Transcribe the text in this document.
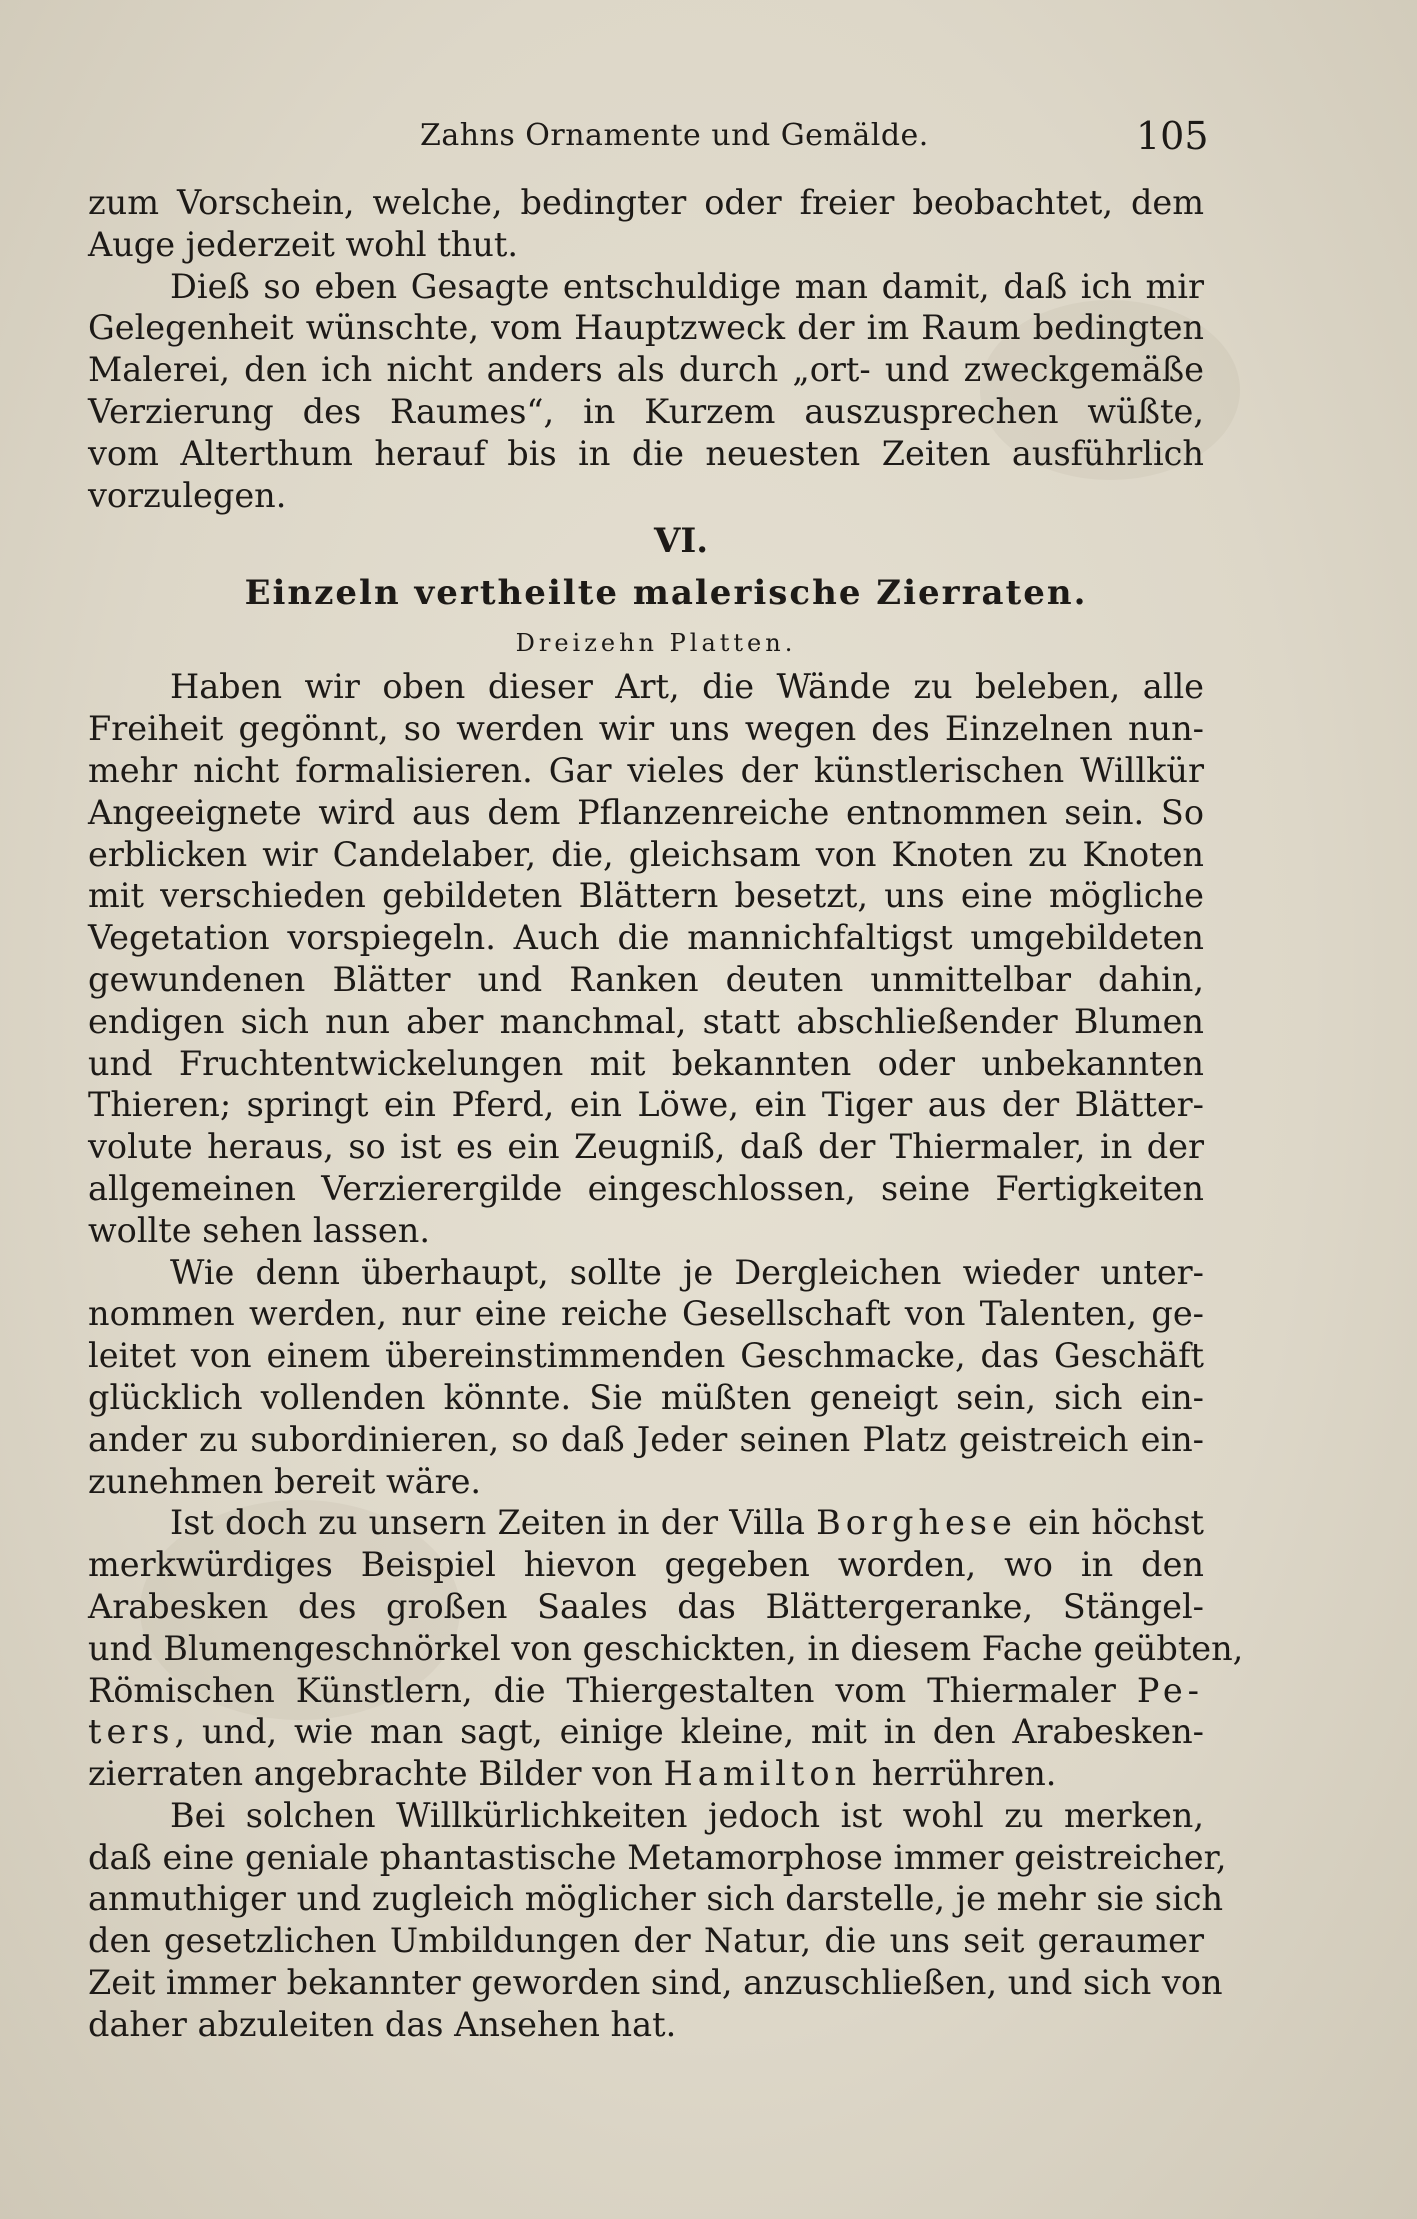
Zahns Ornamente und Gemälde.	105
zum Vorschein, welche, bedingter oder freier beobachtet, dem
Auge jederzeit wohl thut.
Dieß so eben Gesagte entschuldige man damit, daß ich mir
Gelegenheit wünschte, vom Hauptzweck der im Raum bedingten
Malerei, den ich nicht anders als durch „ort- und zweckgemäße
Verzierung des Raumes“, in Kurzem auszusprechen wüßte,
vom Alterthum herauf bis in die neuesten Zeiten ausführlich
vorzulegen.
VI.
Einzeln vertheilte malerische Zierraten.
Dreizehn Platten.
Haben wir oben dieser Art, die Wände zu beleben, alle
Freiheit gegönnt, so werden wir uns wegen des Einzelnen nun-
mehr nicht formalisieren. Gar vieles der künstlerischen Willkür
Angeeignete wird aus dem Pflanzenreiche entnommen sein. So
erblicken wir Candelaber, die, gleichsam von Knoten zu Knoten
mit verschieden gebildeten Blättern besetzt, uns eine mögliche
Vegetation vorspiegeln. Auch die mannichfaltigst umgebildeten
gewundenen Blätter und Ranken deuten unmittelbar dahin,
endigen sich nun aber manchmal, statt abschließender Blumen
und Fruchtentwickelungen mit bekannten oder unbekannten
Thieren; springt ein Pferd, ein Löwe, ein Tiger aus der Blätter-
volute heraus, so ist es ein Zeugniß, daß der Thiermaler, in der
allgemeinen Verzierergilde eingeschlossen, seine Fertigkeiten
wollte sehen lassen.
Wie denn überhaupt, sollte je Dergleichen wieder unter-
nommen werden, nur eine reiche Gesellschaft von Talenten, ge-
leitet von einem übereinstimmenden Geschmacke, das Geschäft
glücklich vollenden könnte. Sie müßten geneigt sein, sich ein-
ander zu subordinieren, so daß Jeder seinen Platz geistreich ein-
zunehmen bereit wäre.
Ist doch zu unsern Zeiten in der Villa Borghese ein höchst
merkwürdiges Beispiel hievon gegeben worden, wo in den
Arabesken des großen Saales das Blättergeranke, Stängel-
und Blumengeschnörkel von geschickten, in diesem Fache geübten,
Römischen Künstlern, die Thiergestalten vom Thiermaler Pe-
ters, und, wie man sagt, einige kleine, mit in den Arabesken-
zierraten angebrachte Bilder von Hamilton herrühren.
Bei solchen Willkürlichkeiten jedoch ist wohl zu merken,
daß eine geniale phantastische Metamorphose immer geistreicher,
anmuthiger und zugleich möglicher sich darstelle, je mehr sie sich
den gesetzlichen Umbildungen der Natur, die uns seit geraumer
Zeit immer bekannter geworden sind, anzuschließen, und sich von
daher abzuleiten das Ansehen hat.
